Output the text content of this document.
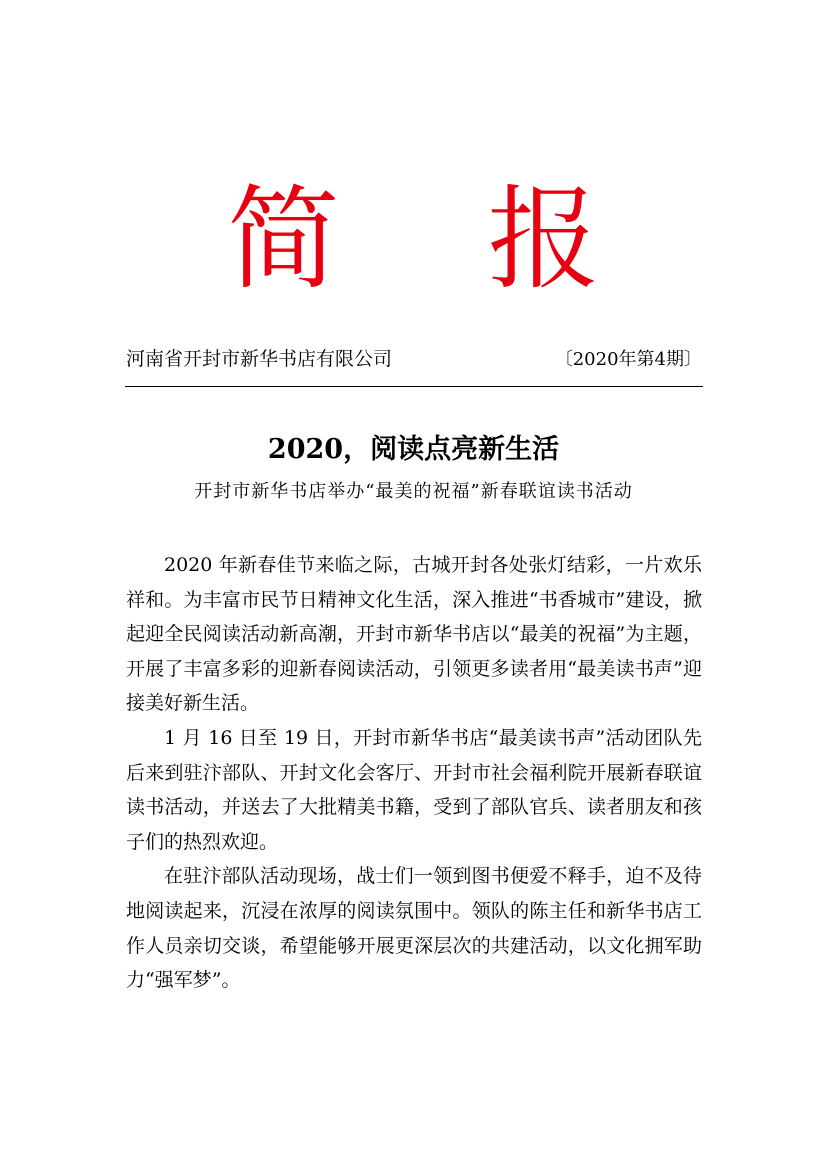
简 报
河南省开封市新华书店有限公司	〔2020年第4期〕
2020，阅读点亮新生活
开封市新华书店举办“最美的祝福”新春联谊读书活动

2020 年新春佳节来临之际，古城开封各处张灯结彩，一片欢乐祥和。为丰富市民节日精神文化生活，深入推进“书香城市”建设，掀起迎全民阅读活动新高潮，开封市新华书店以“最美的祝福”为主题，开展了丰富多彩的迎新春阅读活动，引领更多读者用“最美读书声”迎接美好新生活。

1 月 16 日至 19 日，开封市新华书店“最美读书声”活动团队先后来到驻汴部队、开封文化会客厅、开封市社会福利院开展新春联谊读书活动，并送去了大批精美书籍，受到了部队官兵、读者朋友和孩子们的热烈欢迎。

在驻汴部队活动现场，战士们一领到图书便爱不释手，迫不及待地阅读起来，沉浸在浓厚的阅读氛围中。领队的陈主任和新华书店工作人员亲切交谈，希望能够开展更深层次的共建活动，以文化拥军助力“强军梦”。
